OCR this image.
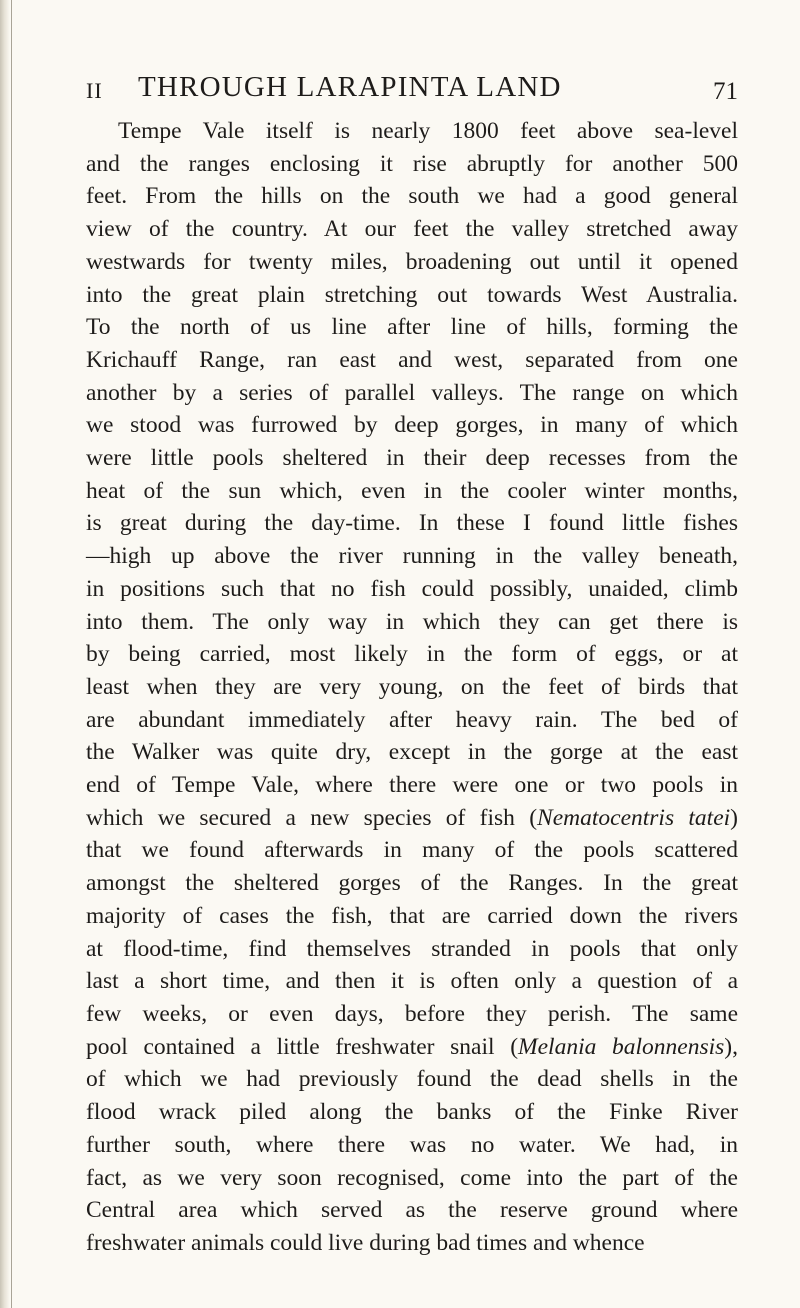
II THROUGH LARAPINTA LAND	71
Tempe Vale itself is nearly 1800 feet above sea-level
and the ranges enclosing it rise abruptly for another 500
feet. From the hills on the south we had a good general
view of the country. At our feet the valley stretched away
westwards for twenty miles, broadening out until it opened
into the great plain stretching out towards West Australia.
To the north of us line after line of hills, forming the
Krichauff Range, ran east and west, separated from one
another by a series of parallel valleys. The range on which
we stood was furrowed by deep gorges, in many of which
were little pools sheltered in their deep recesses from the
heat of the sun which, even in the cooler winter months,
is great during the day-time. In these I found little fishes
—high up above the river running in the valley beneath,
in positions such that no fish could possibly, unaided, climb
into them. The only way in which they can get there is
by being carried, most likely in the form of eggs, or at
least when they are very young, on the feet of birds that
are abundant immediately after heavy rain. The bed of
the Walker was quite dry, except in the gorge at the east
end of Tempe Vale, where there were one or two pools in
which we secured a new species of fish (Nematocentris tatei)
that we found afterwards in many of the pools scattered
amongst the sheltered gorges of the Ranges. In the great
majority of cases the fish, that are carried down the rivers
at flood-time, find themselves stranded in pools that only
last a short time, and then it is often only a question of a
few weeks, or even days, before they perish. The same
pool contained a little freshwater snail (Melania balonnensis),
of which we had previously found the dead shells in the
flood wrack piled along the banks of the Finke River
further south, where there was no water. We had, in
fact, as we very soon recognised, come into the part of the
Central area which served as the reserve ground where
freshwater animals could live during bad times and whence
